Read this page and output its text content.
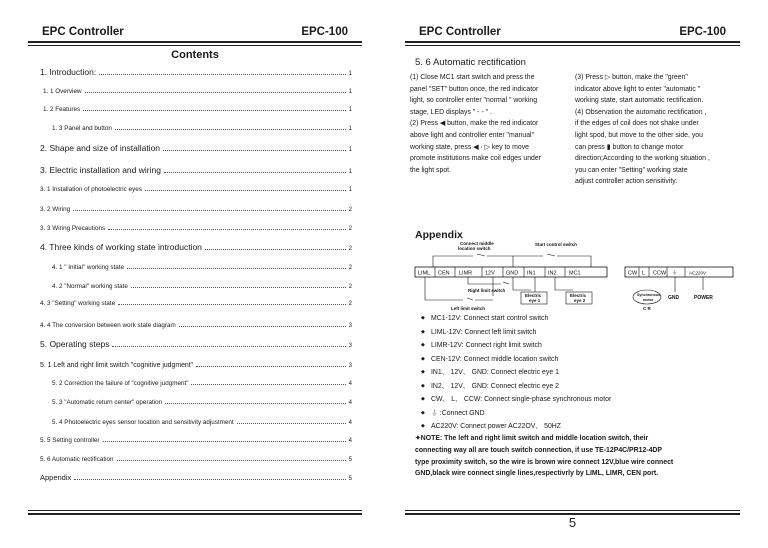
EPC Controller	EPC-100
Contents
1. Introduction:	1
1. 1 Overview	1
1. 2 Features	1
1. 3 Panel and button	1
2. Shape and size of installation	1
3. Electric installation and wiring	1
3. 1 Installation of photoelectric eyes	1
3. 2 Wiring	2
3. 3 Wiring Precautions	2
4. Three kinds of working state introduction	2
4. 1 " Initial" working state	2
4. 2 "Normal" working state	2
4. 3 "Setting" working state	2
4. 4 The conversion between work state diagram	3
5. Operating steps	3
5. 1 Left and right limit switch "cognitive judgment"	3
5. 2 Correction the failure of "cognitive judgment"	4
5. 3 "Automatic return center" operation	4
5. 4 Photoelectric eyes sensor location and sensitivity adjustment	4
5. 5 Setting controller	4
5. 6 Automatic rectification	5
Appendix	5
EPC Controller	EPC-100
5. 6 Automatic rectification

(1) Close MC1 start switch and press the

panel "SET" button once, the red indicator

light, so controller enter "normal " working

stage, LED displays " - - " .

(2) Press ◀ button, make the red indicator

above light and controller enter "manual"

working state, press ◀ · ▷ key to move

promote institutions make coil edges under

the light spot.

(3) Press ▷ button, make the "green"

indicator above light to enter "automatic "

working state, start automatic rectification.

(4) Observation the automatic rectification ,

if the edges of coil does not shake under

light spod, but move to the other side, you

can press ▮ button to change motor

direction;According to the working situation ,

you can enter "Setting" working state

adjust controller action sensitivity.

Appendix
Connect middle
location switch
Start control switch
LIML CEN LIMR 12V GND IN1 IN2 MC1	CW L CCW ⏚ AC220V
Right limit switch
Left limit switch
Electric
eye 1
Electric
eye 2
Synchronous
motor
C R
GND	POWER
◆ MC1-12V: Connect start control switch
◆ LIML-12V: Connect left limit switch
◆ LIMR-12V: Connect right limit switch
◆ CEN-12V: Connect middle location switch
◆ IN1、 12V、 GND: Connect electric eye 1
◆ IN2、 12V、 GND: Connect electric eye 2
◆ CW、 L、 CCW: Connect single-phase synchronous motor
◆ ⏚ :Connect GND
◆ AC220V: Connect power AC22OV、 50HZ
✦NOTE: The left and right limit switch and middle location switch, their
connecting way all are touch switch connection, if use TE-12P4C/PR12-4DP
type proximity switch, so the wire is brown wire connect 12V,blue wire connect
GND,black wire connect single lines,respectivrly by LIML, LIMR, CEN port.
5
